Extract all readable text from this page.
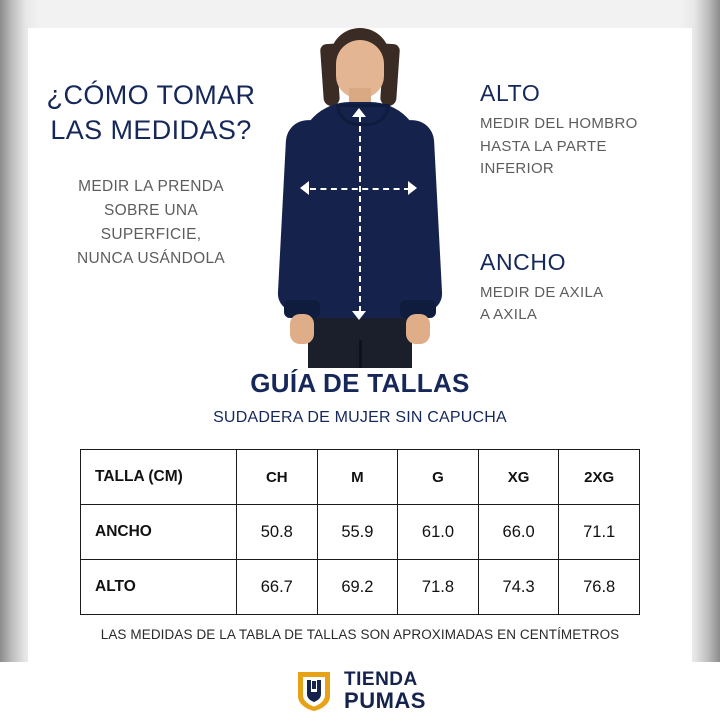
¿CÓMO TOMAR
LAS MEDIDAS?
MEDIR LA PRENDA
SOBRE UNA
SUPERFICIE,
NUNCA USÁNDOLA
ALTO
MEDIR DEL HOMBRO
HASTA LA PARTE
INFERIOR
ANCHO
MEDIR DE AXILA
A AXILA
GUÍA DE TALLAS
SUDADERA DE MUJER SIN CAPUCHA
TALLA (CM)	CH	M	G	XG	2XG
ANCHO	50.8	55.9	61.0	66.0	71.1
ALTO	66.7	69.2	71.8	74.3	76.8
LAS MEDIDAS DE LA TABLA DE TALLAS SON APROXIMADAS EN CENTÍMETROS
TIENDA
PUMAS
